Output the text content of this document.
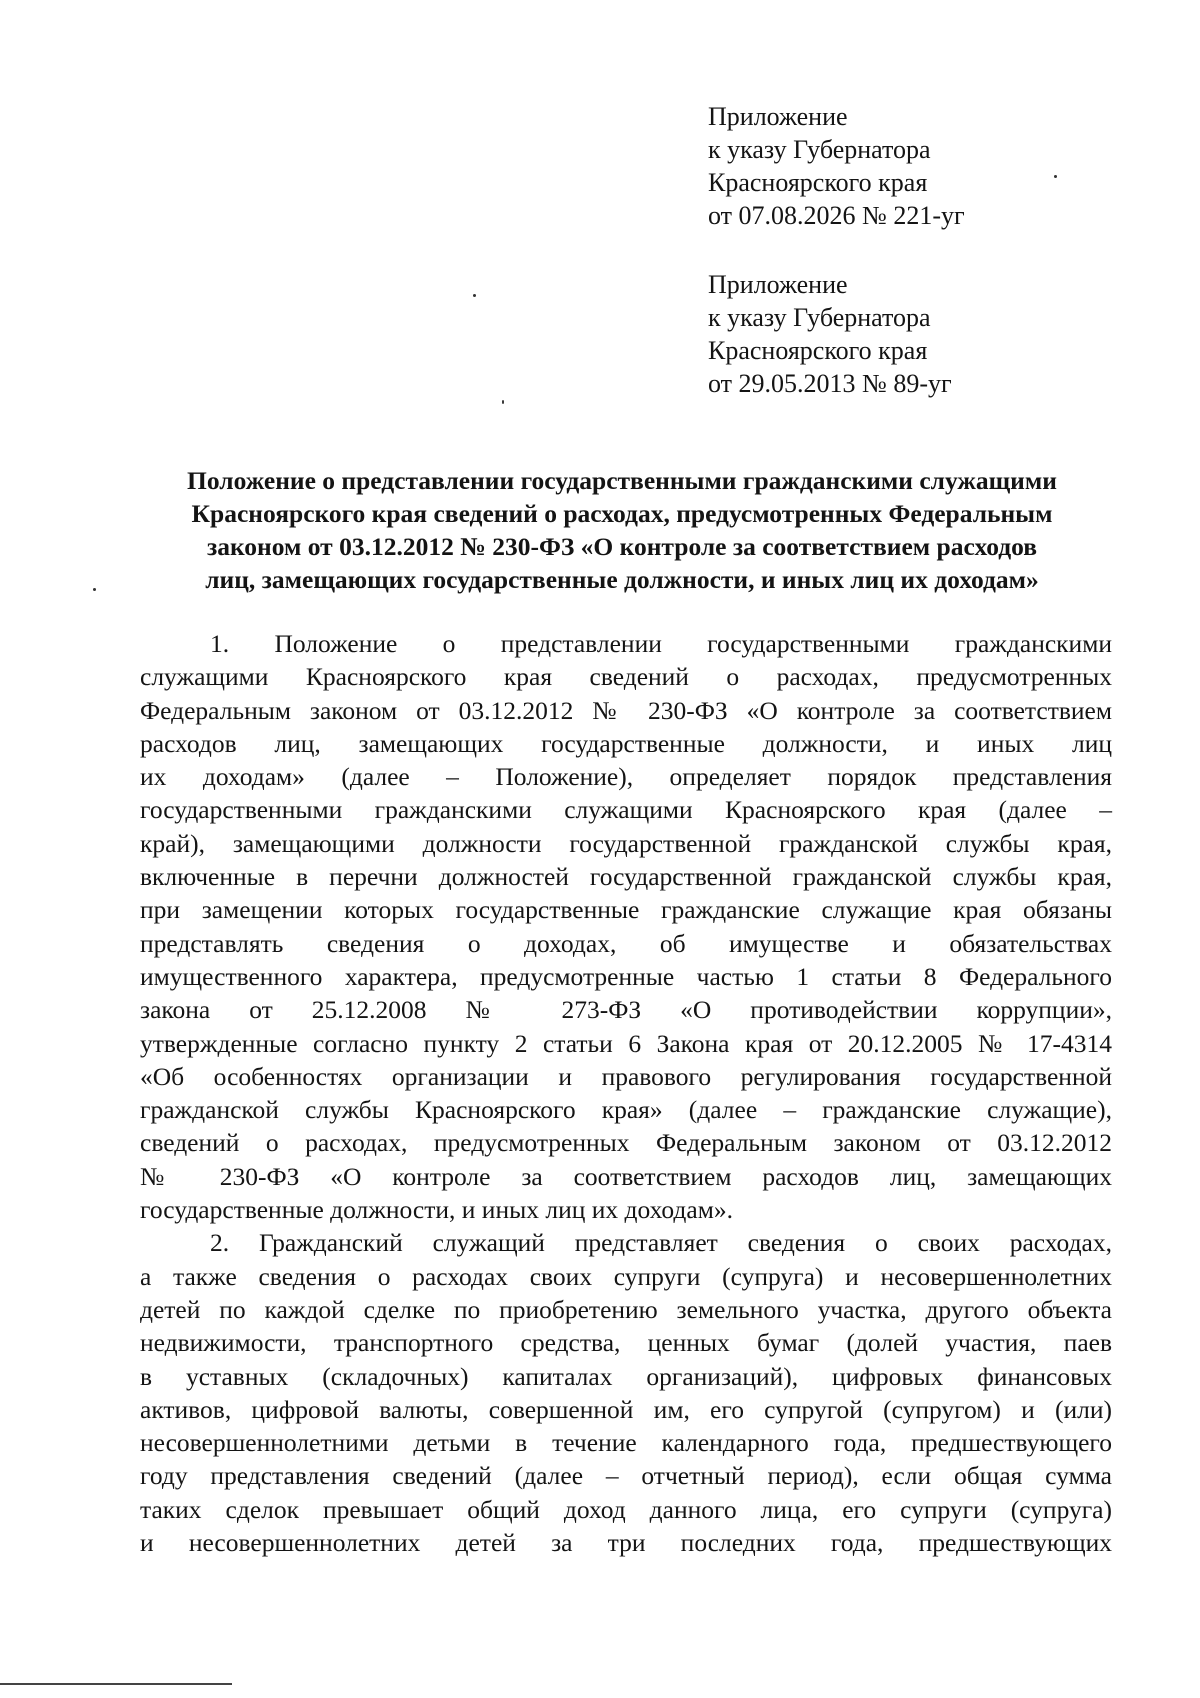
Приложение
к указу Губернатора
Красноярского края
от 07.08.2026 № 221-уг
Приложение
к указу Губернатора
Красноярского края
от 29.05.2013 № 89-уг
Положение о представлении государственными гражданскими служащими
Красноярского края сведений о расходах, предусмотренных Федеральным
законом от 03.12.2012 № 230-ФЗ «О контроле за соответствием расходов
лиц, замещающих государственные должности, и иных лиц их доходам»
1. Положение о представлении государственными гражданскими
служащими Красноярского края сведений о расходах, предусмотренных
Федеральным законом от 03.12.2012 № 230-ФЗ «О контроле за соответствием
расходов лиц, замещающих государственные должности, и иных лиц
их доходам» (далее – Положение), определяет порядок представления
государственными гражданскими служащими Красноярского края (далее –
край), замещающими должности государственной гражданской службы края,
включенные в перечни должностей государственной гражданской службы края,
при замещении которых государственные гражданские служащие края обязаны
представлять сведения о доходах, об имуществе и обязательствах
имущественного характера, предусмотренные частью 1 статьи 8 Федерального
закона от 25.12.2008 № 273-ФЗ «О противодействии коррупции»,
утвержденные согласно пункту 2 статьи 6 Закона края от 20.12.2005 № 17-4314
«Об особенностях организации и правового регулирования государственной
гражданской службы Красноярского края» (далее – гражданские служащие),
сведений о расходах, предусмотренных Федеральным законом от 03.12.2012
№ 230-ФЗ «О контроле за соответствием расходов лиц, замещающих
государственные должности, и иных лиц их доходам».
2. Гражданский служащий представляет сведения о своих расходах,
а также сведения о расходах своих супруги (супруга) и несовершеннолетних
детей по каждой сделке по приобретению земельного участка, другого объекта
недвижимости, транспортного средства, ценных бумаг (долей участия, паев
в уставных (складочных) капиталах организаций), цифровых финансовых
активов, цифровой валюты, совершенной им, его супругой (супругом) и (или)
несовершеннолетними детьми в течение календарного года, предшествующего
году представления сведений (далее – отчетный период), если общая сумма
таких сделок превышает общий доход данного лица, его супруги (супруга)
и несовершеннолетних детей за три последних года, предшествующих
